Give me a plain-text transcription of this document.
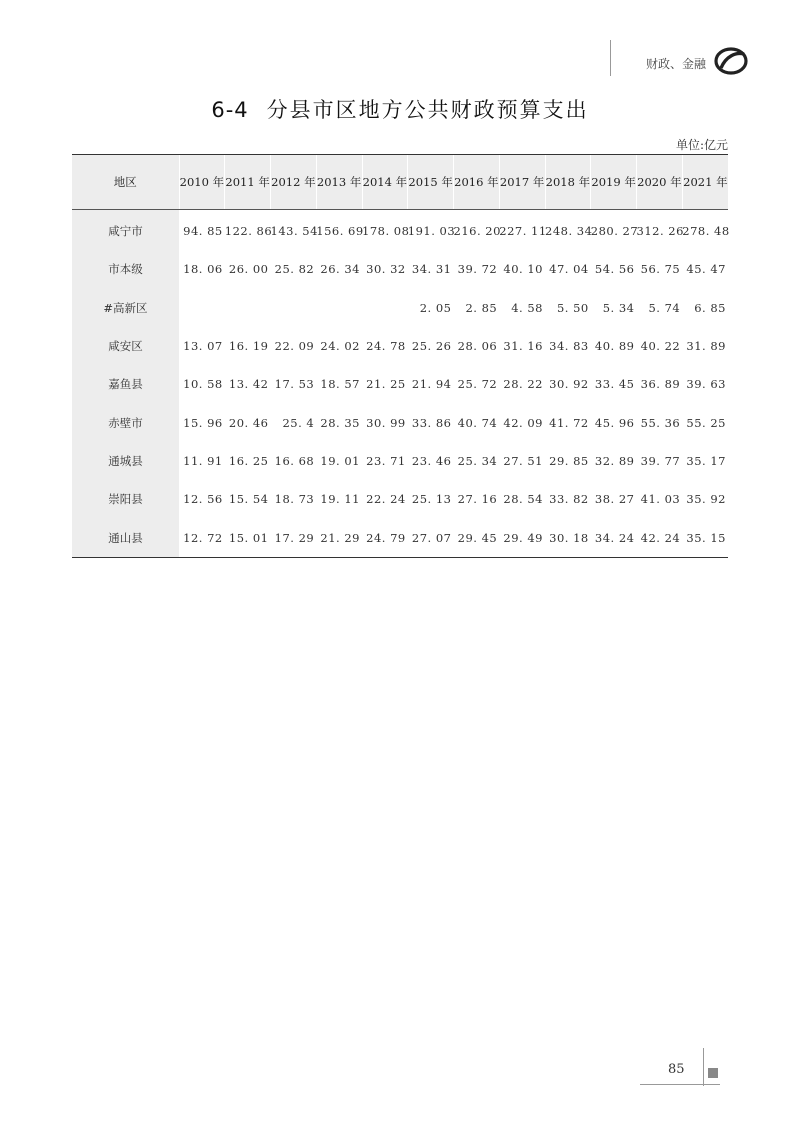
财政、金融
6-4 分县市区地方公共财政预算支出
单位:亿元
地区	2010 年	2011 年	2012 年	2013 年	2014 年	2015 年	2016 年	2017 年	2018 年	2019 年	2020 年	2021 年
咸宁市	94. 85	122. 86	143. 54	156. 69	178. 08	191. 03	216. 20	227. 11	248. 34	280. 27	312. 26	278. 48
市本级	18. 06	26. 00	25. 82	26. 34	30. 32	34. 31	39. 72	40. 10	47. 04	54. 56	56. 75	45. 47
#高新区						2. 05	2. 85	4. 58	5. 50	5. 34	5. 74	6. 85
咸安区	13. 07	16. 19	22. 09	24. 02	24. 78	25. 26	28. 06	31. 16	34. 83	40. 89	40. 22	31. 89
嘉鱼县	10. 58	13. 42	17. 53	18. 57	21. 25	21. 94	25. 72	28. 22	30. 92	33. 45	36. 89	39. 63
赤壁市	15. 96	20. 46	25. 4	28. 35	30. 99	33. 86	40. 74	42. 09	41. 72	45. 96	55. 36	55. 25
通城县	11. 91	16. 25	16. 68	19. 01	23. 71	23. 46	25. 34	27. 51	29. 85	32. 89	39. 77	35. 17
崇阳县	12. 56	15. 54	18. 73	19. 11	22. 24	25. 13	27. 16	28. 54	33. 82	38. 27	41. 03	35. 92
通山县	12. 72	15. 01	17. 29	21. 29	24. 79	27. 07	29. 45	29. 49	30. 18	34. 24	42. 24	35. 15
85
